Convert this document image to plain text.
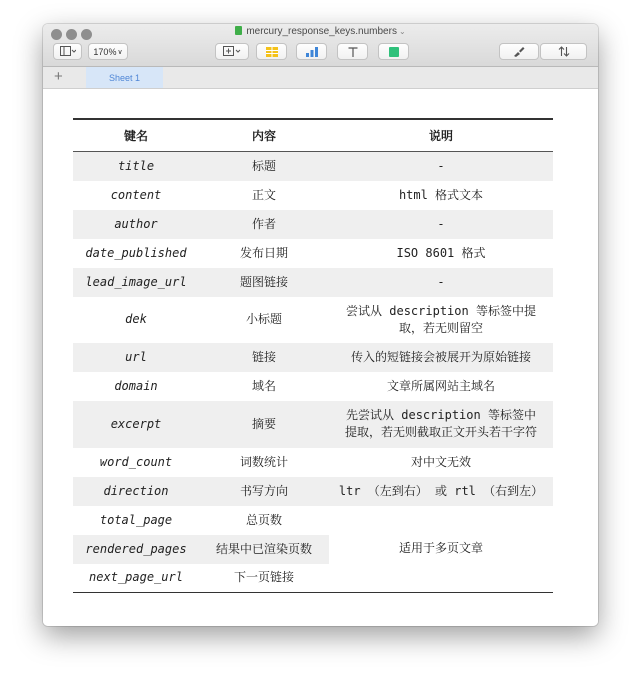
mercury_response_keys.numbers ⌄
170% ∨
+	Sheet 1
键名	内容	说明
title	标题	-
content	正文	html 格式文本
author	作者	-
date_published	发布日期	ISO 8601 格式
lead_image_url	题图链接	-
dek	小标题	尝试从 description 等标签中提
取，若无则留空
url	链接	传入的短链接会被展开为原始链接
domain	域名	文章所属网站主域名
excerpt	摘要	先尝试从 description 等标签中
提取，若无则截取正文开头若干字符
word_count	词数统计	对中文无效
direction	书写方向	ltr （左到右） 或 rtl （右到左）
total_page	总页数	适用于多页文章
rendered_pages	结果中已渲染页数	
next_page_url	下一页链接	
